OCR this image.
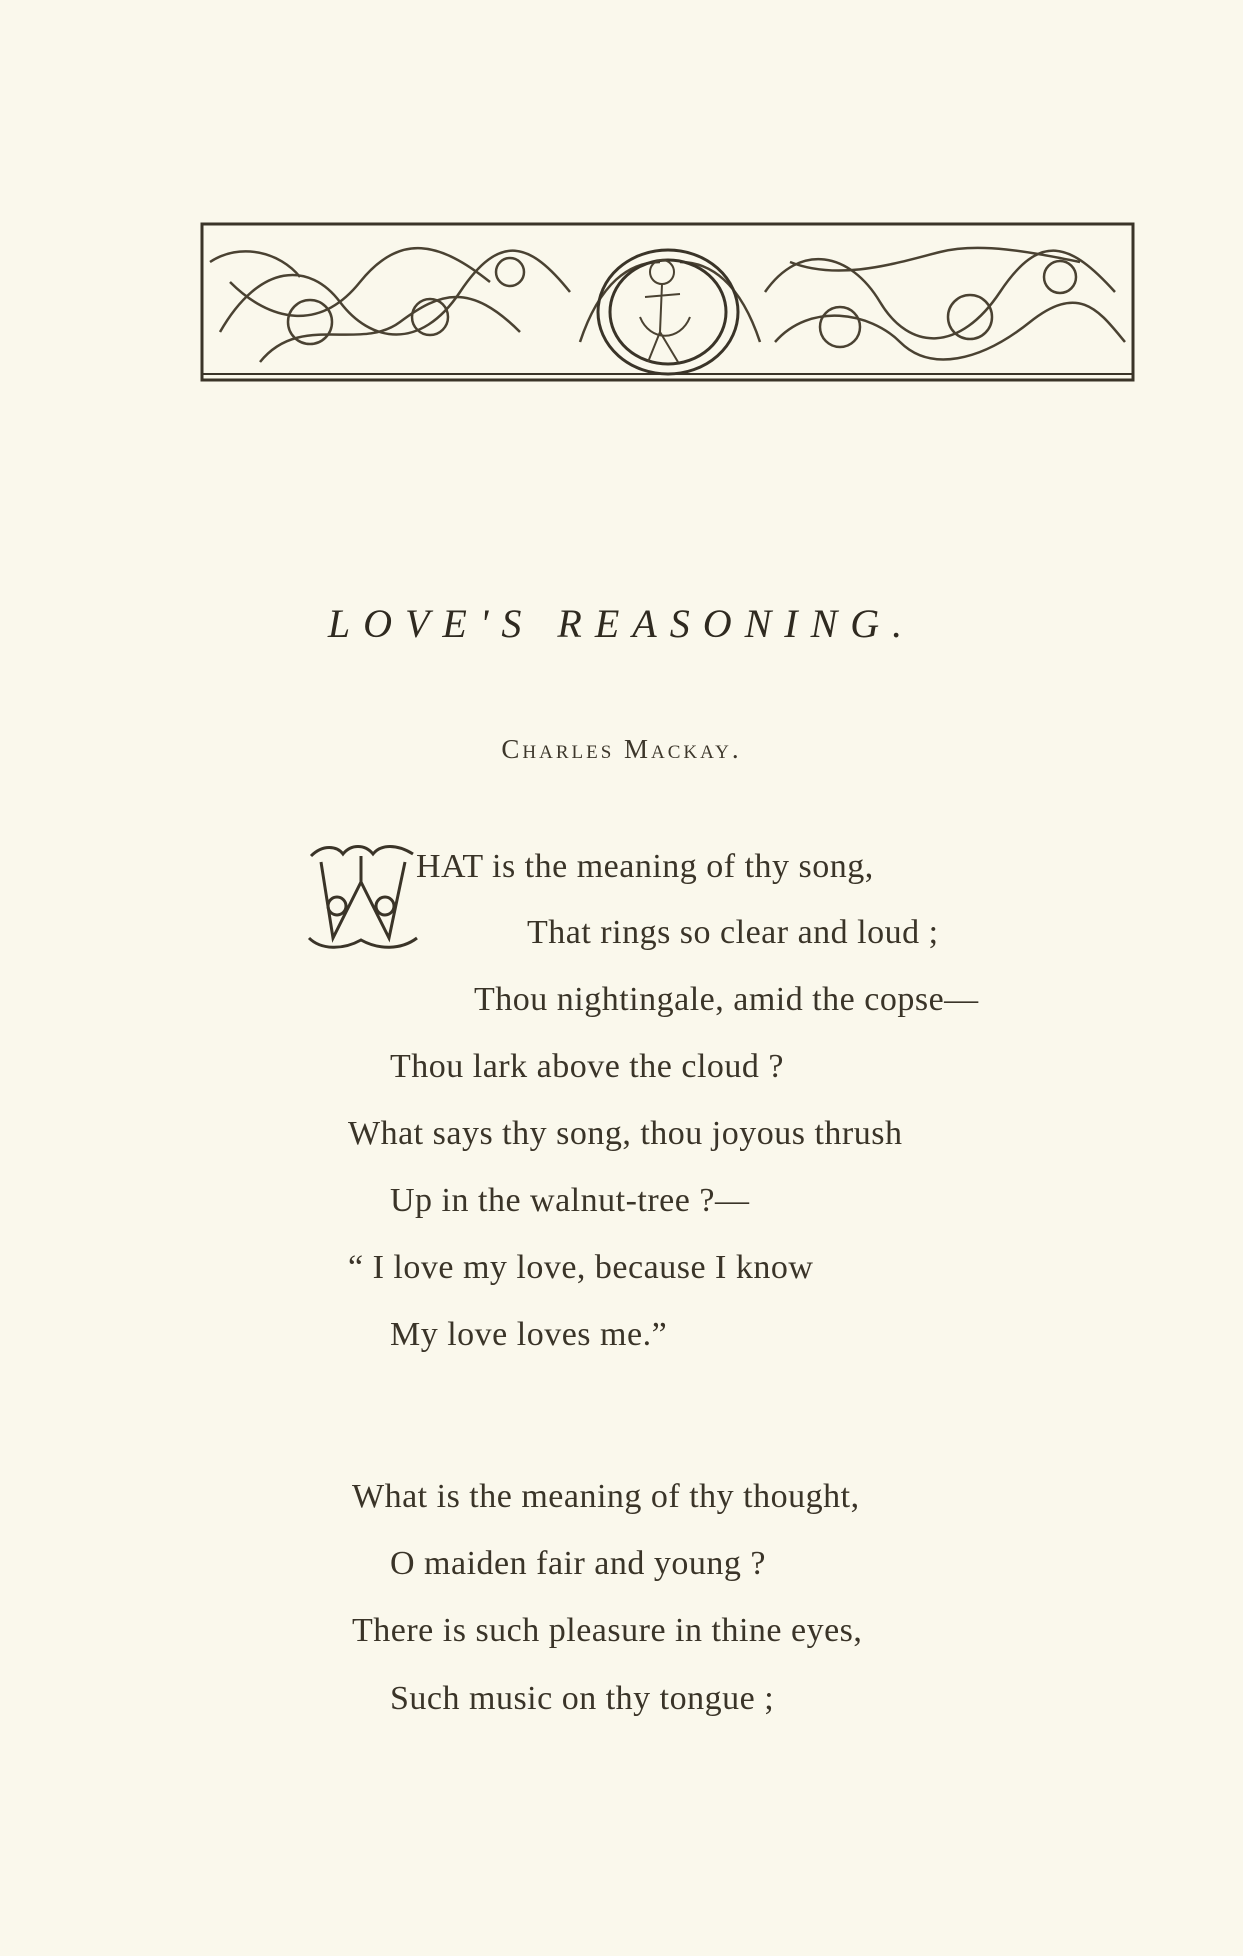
LOVE'S REASONING.
Charles Mackay.
HAT is the meaning of thy song,
That rings so clear and loud ;
Thou nightingale, amid the copse—
Thou lark above the cloud ?
What says thy song, thou joyous thrush
Up in the walnut-tree ?—
“ I love my love, because I know
My love loves me.”
What is the meaning of thy thought,
O maiden fair and young ?
There is such pleasure in thine eyes,
Such music on thy tongue ;
